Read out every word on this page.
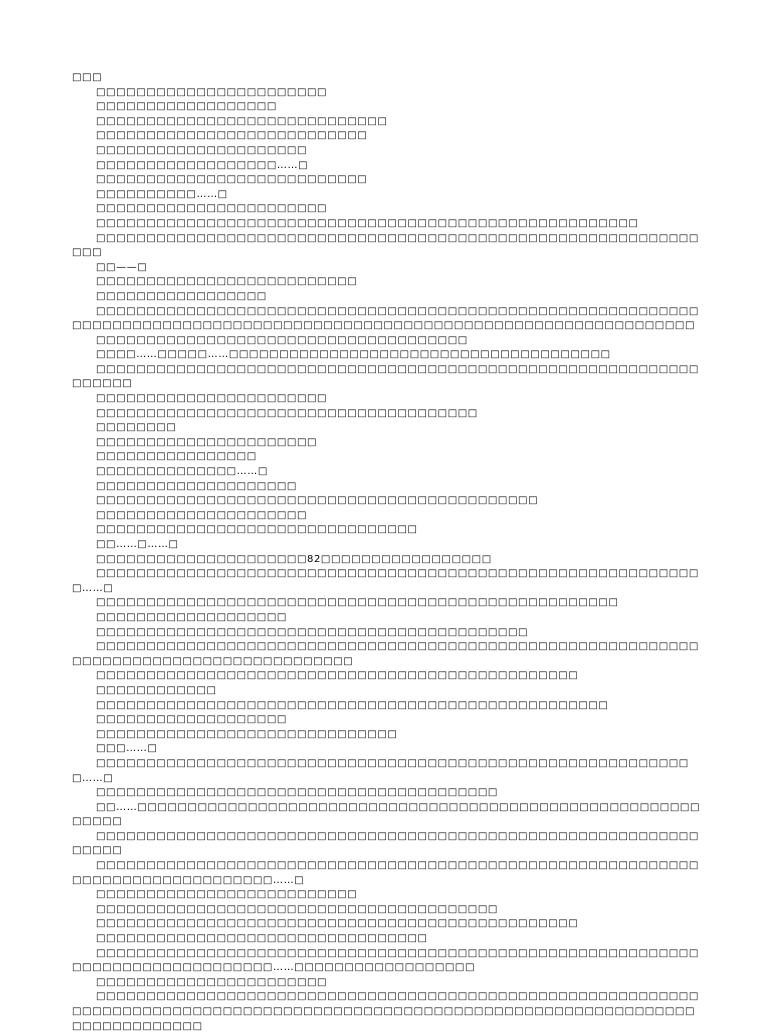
□□□

□□□□□□□□□□□□□□□□□□□□□□□

□□□□□□□□□□□□□□□□□□

□□□□□□□□□□□□□□□□□□□□□□□□□□□□□

□□□□□□□□□□□□□□□□□□□□□□□□□□□

□□□□□□□□□□□□□□□□□□□□□

□□□□□□□□□□□□□□□□□□……□

□□□□□□□□□□□□□□□□□□□□□□□□□□□

□□□□□□□□□□……□

□□□□□□□□□□□□□□□□□□□□□□□

□□□□□□□□□□□□□□□□□□□□□□□□□□□□□□□□□□□□□□□□□□□□□□□□□□□□□□

□□□□□□□□□□□□□□□□□□□□□□□□□□□□□□□□□□□□□□□□□□□□□□□□□□□□□□□□□□□□□□□

□□——□

□□□□□□□□□□□□□□□□□□□□□□□□□□

□□□□□□□□□□□□□□□□□

□□□□□□□□□□□□□□□□□□□□□□□□□□□□□□□□□□□□□□□□□□□□□□□□□□□□□□□□□□□□□□□□□□□□□□□□□□□□□□□□□□□□□□□□□□□□□□□□□□□□□□□□□□□□□□□□□□□□□□□□□□

□□□□□□□□□□□□□□□□□□□□□□□□□□□□□□□□□□□□□

□□□□……□□□□□……□□□□□□□□□□□□□□□□□□□□□□□□□□□□□□□□□□□□□□

□□□□□□□□□□□□□□□□□□□□□□□□□□□□□□□□□□□□□□□□□□□□□□□□□□□□□□□□□□□□□□□□□□

□□□□□□□□□□□□□□□□□□□□□□□

□□□□□□□□□□□□□□□□□□□□□□□□□□□□□□□□□□□□□□

□□□□□□□□

□□□□□□□□□□□□□□□□□□□□□□

□□□□□□□□□□□□□□□□

□□□□□□□□□□□□□□……□

□□□□□□□□□□□□□□□□□□□□

□□□□□□□□□□□□□□□□□□□□□□□□□□□□□□□□□□□□□□□□□□□□

□□□□□□□□□□□□□□□□□□□□□

□□□□□□□□□□□□□□□□□□□□□□□□□□□□□□□□

□□……□……□

□□□□□□□□□□□□□□□□□□□□□82□□□□□□□□□□□□□□□□□

□□□□□□□□□□□□□□□□□□□□□□□□□□□□□□□□□□□□□□□□□□□□□□□□□□□□□□□□□□□□□……□

□□□□□□□□□□□□□□□□□□□□□□□□□□□□□□□□□□□□□□□□□□□□□□□□□□□□

□□□□□□□□□□□□□□□□□□□

□□□□□□□□□□□□□□□□□□□□□□□□□□□□□□□□□□□□□□□□□□□

□□□□□□□□□□□□□□□□□□□□□□□□□□□□□□□□□□□□□□□□□□□□□□□□□□□□□□□□□□□□□□□□□□□□□□□□□□□□□□□□□□□□□□□□

□□□□□□□□□□□□□□□□□□□□□□□□□□□□□□□□□□□□□□□□□□□□□□□□

□□□□□□□□□□□□

□□□□□□□□□□□□□□□□□□□□□□□□□□□□□□□□□□□□□□□□□□□□□□□□□□□

□□□□□□□□□□□□□□□□□□□

□□□□□□□□□□□□□□□□□□□□□□□□□□□□□□

□□□……□

□□□□□□□□□□□□□□□□□□□□□□□□□□□□□□□□□□□□□□□□□□□□□□□□□□□□□□□□□□□□……□

□□□□□□□□□□□□□□□□□□□□□□□□□□□□□□□□□□□□□□□□

□□……□□□□□□□□□□□□□□□□□□□□□□□□□□□□□□□□□□□□□□□□□□□□□□□□□□□□□□□□□□□□□

□□□□□□□□□□□□□□□□□□□□□□□□□□□□□□□□□□□□□□□□□□□□□□□□□□□□□□□□□□□□□□□□□

□□□□□□□□□□□□□□□□□□□□□□□□□□□□□□□□□□□□□□□□□□□□□□□□□□□□□□□□□□□□□□□□□□□□□□□□□□□□□□□□……□

□□□□□□□□□□□□□□□□□□□□□□□□□□

□□□□□□□□□□□□□□□□□□□□□□□□□□□□□□□□□□□□□□□□

□□□□□□□□□□□□□□□□□□□□□□□□□□□□□□□□□□□□□□□□□□□□□□□□

□□□□□□□□□□□□□□□□□□□□□□□□□□□□□□□□□

□□□□□□□□□□□□□□□□□□□□□□□□□□□□□□□□□□□□□□□□□□□□□□□□□□□□□□□□□□□□□□□□□□□□□□□□□□□□□□□□……□□□□□□□□□□□□□□□□□□

□□□□□□□□□□□□□□□□□□□□□□□

□□□□□□□□□□□□□□□□□□□□□□□□□□□□□□□□□□□□□□□□□□□□□□□□□□□□□□□□□□□□□□□□□□□□□□□□□□□□□□□□□□□□□□□□□□□□□□□□□□□□□□□□□□□□□□□□□□□□□□□□□□□□□□□□□□□□□□□
